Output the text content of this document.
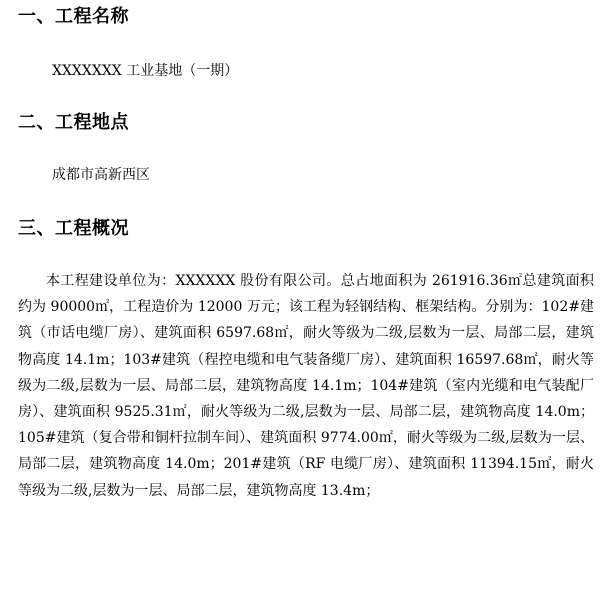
一、工程名称
XXXXXXX 工业基地（一期）
二、工程地点
成都市高新西区
三、工程概况
本工程建设单位为：XXXXXX 股份有限公司。总占地面积为 261916.36㎡总建筑面积约为 90000㎡，工程造价为 12000 万元；该工程为轻钢结构、框架结构。分别为：102#建筑（市话电缆厂房）、建筑面积 6597.68㎡，耐火等级为二级,层数为一层、局部二层，建筑物高度 14.1m；103#建筑（程控电缆和电气装备缆厂房）、建筑面积 16597.68㎡，耐火等级为二级,层数为一层、局部二层，建筑物高度 14.1m；104#建筑（室内光缆和电气装配厂房）、建筑面积 9525.31㎡，耐火等级为二级,层数为一层、局部二层，建筑物高度 14.0m；105#建筑（复合带和铜杆拉制车间）、建筑面积 9774.00㎡，耐火等级为二级,层数为一层、局部二层，建筑物高度 14.0m；201#建筑（RF 电缆厂房）、建筑面积 11394.15㎡，耐火等级为二级,层数为一层、局部二层，建筑物高度 13.4m；
